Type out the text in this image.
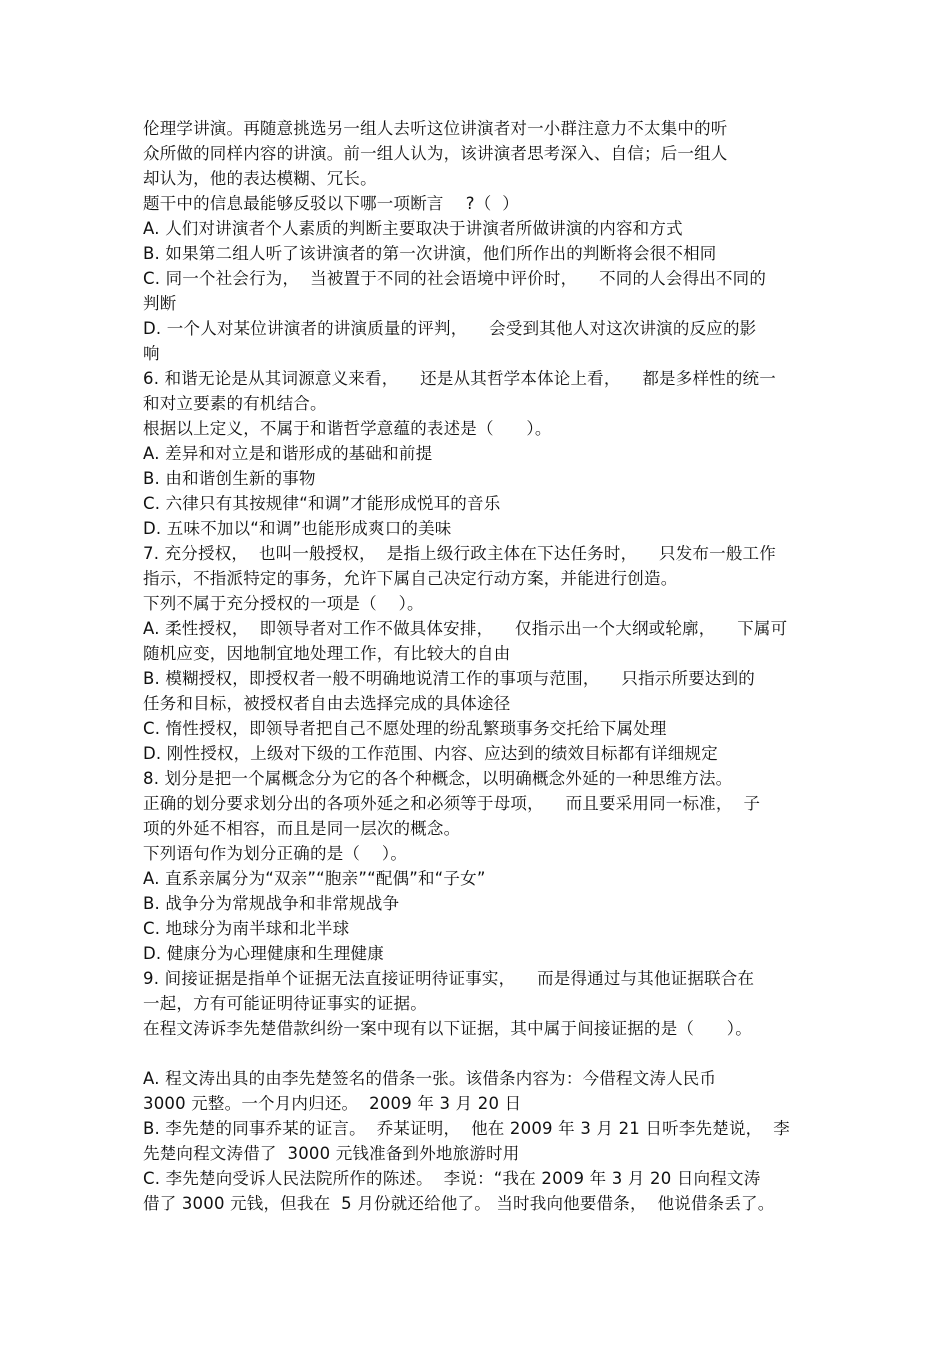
伦理学讲演。再随意挑选另一组人去听这位讲演者对一小群注意力不太集中的听
众所做的同样内容的讲演。前一组人认为，该讲演者思考深入、自信；后一组人
却认为，他的表达模糊、冗长。
题干中的信息最能够反驳以下哪一项断言 　?（  ）
A. 人们对讲演者个人素质的判断主要取决于讲演者所做讲演的内容和方式
B. 如果第二组人听了该讲演者的第一次讲演，他们所作出的判断将会很不相同
C. 同一个社会行为，  当被置于不同的社会语境中评价时，    不同的人会得出不同的
判断
D. 一个人对某位讲演者的讲演质量的评判，    会受到其他人对这次讲演的反应的影
响
6. 和谐无论是从其词源意义来看，    还是从其哲学本体论上看，    都是多样性的统一
和对立要素的有机结合。
根据以上定义，不属于和谐哲学意蕴的表述是（      ）。
A. 差异和对立是和谐形成的基础和前提
B. 由和谐创生新的事物
C. 六律只有其按规律“和调”才能形成悦耳的音乐
D. 五味不加以“和调”也能形成爽口的美味
7. 充分授权，  也叫一般授权，  是指上级行政主体在下达任务时，    只发布一般工作
指示，不指派特定的事务，允许下属自己决定行动方案，并能进行创造。
下列不属于充分授权的一项是（    ）。
A. 柔性授权，  即领导者对工作不做具体安排，    仅指示出一个大纲或轮廓，    下属可
随机应变，因地制宜地处理工作，有比较大的自由
B. 模糊授权，即授权者一般不明确地说清工作的事项与范围，    只指示所要达到的
任务和目标，被授权者自由去选择完成的具体途径
C. 惰性授权，即领导者把自己不愿处理的纷乱繁琐事务交托给下属处理
D. 刚性授权，上级对下级的工作范围、内容、应达到的绩效目标都有详细规定
8. 划分是把一个属概念分为它的各个种概念，以明确概念外延的一种思维方法。
正确的划分要求划分出的各项外延之和必须等于母项，    而且要采用同一标准，  子
项的外延不相容，而且是同一层次的概念。
下列语句作为划分正确的是（    ）。
A. 直系亲属分为“双亲”“胞亲”“配偶”和“子女”
B. 战争分为常规战争和非常规战争
C. 地球分为南半球和北半球
D. 健康分为心理健康和生理健康
9. 间接证据是指单个证据无法直接证明待证事实，    而是得通过与其他证据联合在
一起，方有可能证明待证事实的证据。
在程文涛诉李先楚借款纠纷一案中现有以下证据，其中属于间接证据的是（      ）。
A. 程文涛出具的由李先楚签名的借条一张。该借条内容为：今借程文涛人民币
3000 元整。一个月内归还。  2009 年 3 月 20 日
B. 李先楚的同事乔某的证言。  乔某证明，  他在 2009 年 3 月 21 日听李先楚说，  李
先楚向程文涛借了  3000 元钱准备到外地旅游时用
C. 李先楚向受诉人民法院所作的陈述。  李说：“我在 2009 年 3 月 20 日向程文涛
借了 3000 元钱，但我在  5 月份就还给他了。 当时我向他要借条，  他说借条丢了。
